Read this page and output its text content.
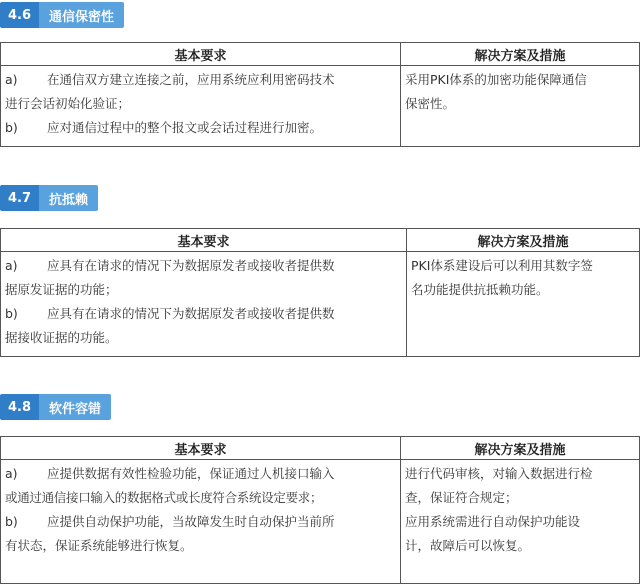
4.6	通信保密性
基本要求	解决方案及措施

a) 在通信双方建立连接之前，应用系统应利用密码技术
进行会话初始化验证；
b) 应对通信过程中的整个报文或会话过程进行加密。	采用PKI体系的加密功能保障通信
保密性。
4.7	抗抵赖
基本要求	解决方案及措施

a) 应具有在请求的情况下为数据原发者或接收者提供数
据原发证据的功能；
b) 应具有在请求的情况下为数据原发者或接收者提供数
据接收证据的功能。	PKI体系建设后可以利用其数字签
名功能提供抗抵赖功能。
4.8	软件容错
基本要求	解决方案及措施

a) 应提供数据有效性检验功能，保证通过人机接口输入
或通过通信接口输入的数据格式或长度符合系统设定要求；
b) 应提供自动保护功能，当故障发生时自动保护当前所
有状态，保证系统能够进行恢复。	进行代码审核，对输入数据进行检
查，保证符合规定；
应用系统需进行自动保护功能设
计，故障后可以恢复。
